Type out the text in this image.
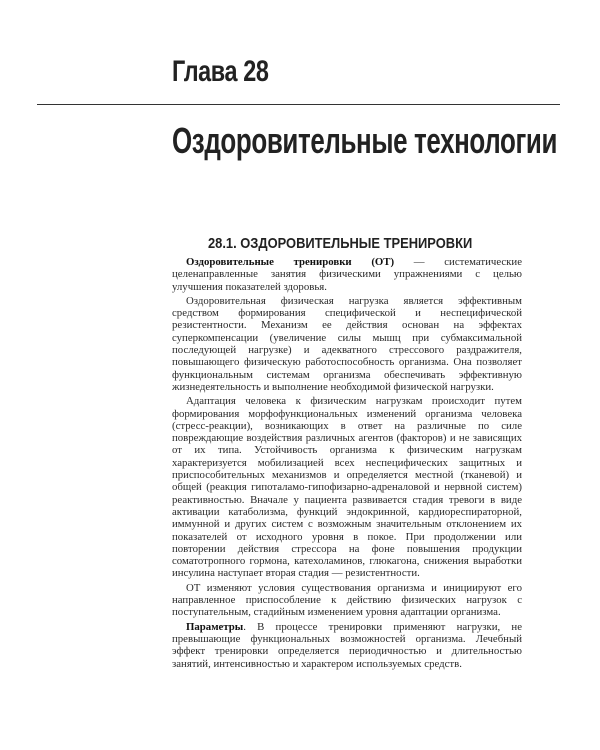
Глава 28
Оздоровительные технологии
28.1. ОЗДОРОВИТЕЛЬНЫЕ ТРЕНИРОВКИ

Оздоровительные тренировки (ОТ) — систематические целенаправленные занятия физическими упражнениями с целью улучшения показателей здоровья.

Оздоровительная физическая нагрузка является эффективным средством формирования специфической и неспецифической резистентности. Механизм ее действия основан на эффектах суперкомпенсации (увеличение силы мышц при субмаксимальной последующей нагрузке) и адекватного стрессового раздражителя, повышающего физическую работоспособность организма. Она позволяет функциональным системам организма обеспечивать эффективную жизнедеятельность и выполнение необходимой физической нагрузки.

Адаптация человека к физическим нагрузкам происходит путем формирования морфофункциональных изменений организма человека (стресс-реакции), возникающих в ответ на различные по силе повреждающие воздействия различных агентов (факторов) и не зависящих от их типа. Устойчивость организма к физическим нагрузкам характеризуется мобилизацией всех неспецифических защитных и приспособительных механизмов и определяется местной (тканевой) и общей (реакция гипоталамо-гипофизарно-адреналовой и нервной систем) реактивностью. Вначале у пациента развивается стадия тревоги в виде активации катаболизма, функций эндокринной, кардиореспираторной, иммунной и других систем с возможным значительным отклонением их показателей от исходного уровня в покое. При продолжении или повторении действия стрессора на фоне повышения продукции соматотропного гормона, катехоламинов, глюкагона, снижения выработки инсулина наступает вторая стадия — резистентности.

ОТ изменяют условия существования организма и инициируют его направленное приспособление к действию физических нагрузок с поступательным, стадийным изменением уровня адаптации организма.

Параметры. В процессе тренировки применяют нагрузки, не превышающие функциональных возможностей организма. Лечебный эффект тренировки определяется периодичностью и длительностью занятий, интенсивностью и характером используемых средств.
